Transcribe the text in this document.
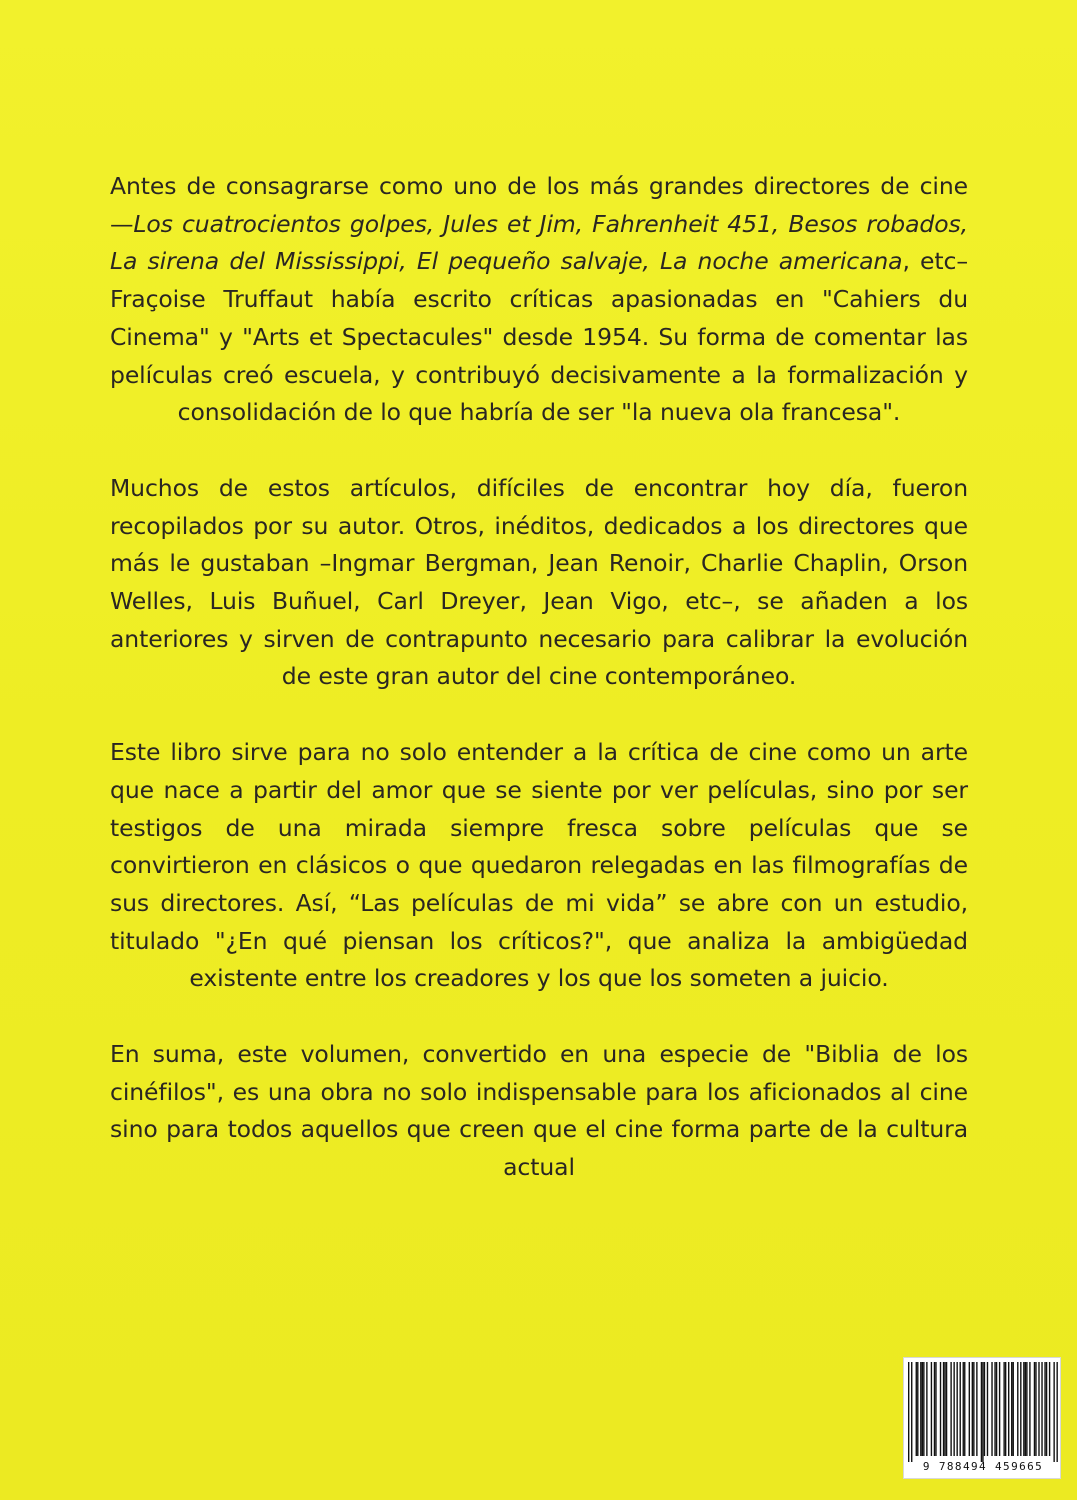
Antes de consagrarse como uno de los más grandes directores de cine —Los cuatrocientos golpes, Jules et Jim, Fahrenheit 451, Besos robados, La sirena del Mississippi, El pequeño salvaje, La noche americana, etc– Fraçoise Truffaut había escrito críticas apasionadas en "Cahiers du Cinema" y "Arts et Spectacules" desde 1954. Su forma de comentar las películas creó escuela, y contribuyó decisivamente a la formalización y consolidación de lo que habría de ser "la nueva ola francesa".

Muchos de estos artículos, difíciles de encontrar hoy día, fueron recopilados por su autor. Otros, inéditos, dedicados a los directores que más le gustaban –Ingmar Bergman, Jean Renoir, Charlie Chaplin, Orson Welles, Luis Buñuel, Carl Dreyer, Jean Vigo, etc–, se añaden a los anteriores y sirven de contrapunto necesario para calibrar la evolución de este gran autor del cine contemporáneo.

Este libro sirve para no solo entender a la crítica de cine como un arte que nace a partir del amor que se siente por ver películas, sino por ser testigos de una mirada siempre fresca sobre películas que se convirtieron en clásicos o que quedaron relegadas en las filmografías de sus directores. Así, “Las películas de mi vida” se abre con un estudio, titulado "¿En qué piensan los críticos?", que analiza la ambigüedad existente entre los creadores y los que los someten a juicio.

En suma, este volumen, convertido en una especie de "Biblia de los cinéfilos", es una obra no solo indispensable para los aficionados al cine sino para todos aquellos que creen que el cine forma parte de la cultura actual

9 788494 459665
